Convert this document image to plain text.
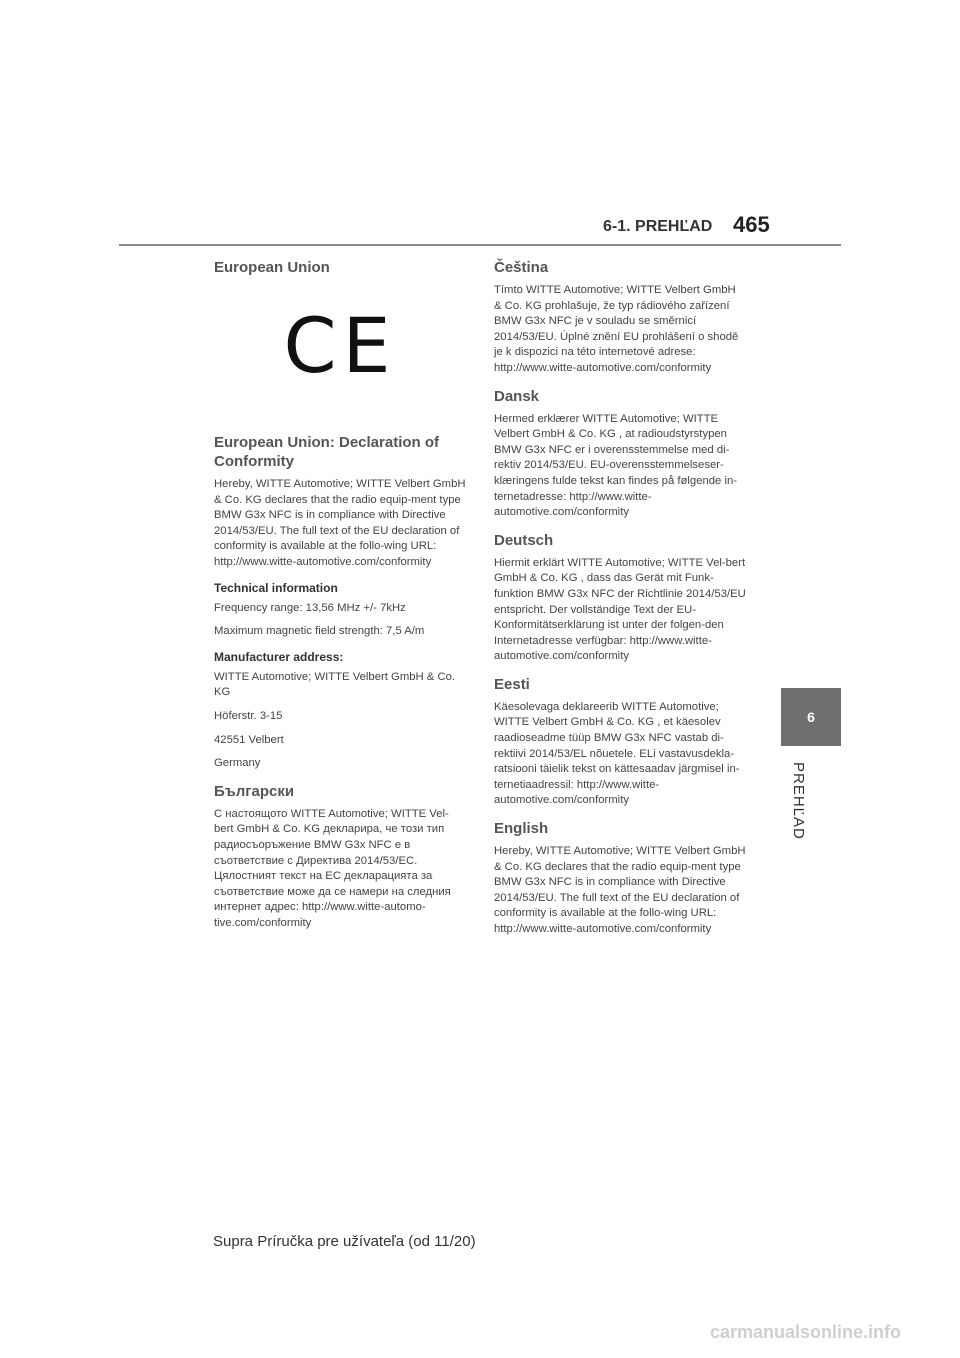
6-1. PREHĽAD 465
6
PREHĽAD
European Union
CE
European Union: Declaration of Conformity

Hereby, WITTE Automotive; WITTE Velbert GmbH & Co. KG declares that the radio equip-ment type BMW G3x NFC is in compliance with Directive 2014/53/EU. The full text of the EU declaration of conformity is available at the follo-wing URL: http://www.witte-automotive.com/conformity

Technical information

Frequency range: 13,56 MHz +/- 7kHz

Maximum magnetic field strength: 7,5 A/m

Manufacturer address:

WITTE Automotive; WITTE Velbert GmbH & Co. KG

Höferstr. 3-15

42551 Velbert

Germany

Български

С настоящото WITTE Automotive; WITTE Vel-bert GmbH & Co. KG декларира, че този тип радиосъоръжение BMW G3x NFC е в съответствие с Директива 2014/53/ЕС. Цялостният текст на ЕС декларацията за съответствие може да се намери на следния интернет адрес: http://www.witte-automo-tive.com/conformity

Čeština

Tímto WITTE Automotive; WITTE Velbert GmbH & Co. KG prohlašuje, že typ rádiového zařízení BMW G3x NFC je v souladu se směrnicí 2014/53/EU. Úplné znění EU prohlášení o shodě je k dispozici na této internetové adrese: http://www.witte-automotive.com/conformity

Dansk

Hermed erklærer WITTE Automotive; WITTE Velbert GmbH & Co. KG , at radioudstyrstypen BMW G3x NFC er i overensstemmelse med di-rektiv 2014/53/EU. EU-overensstemmelseser-klæringens fulde tekst kan findes på følgende in-ternetadresse: http://www.witte-automotive.com/conformity

Deutsch

Hiermit erklärt WITTE Automotive; WITTE Vel-bert GmbH & Co. KG , dass das Gerät mit Funk-funktion BMW G3x NFC der Richtlinie 2014/53/EU entspricht. Der vollständige Text der EU-Konformitätserklärung ist unter der folgen-den Internetadresse verfügbar: http://www.witte-automotive.com/conformity

Eesti

Käesolevaga deklareerib WITTE Automotive; WITTE Velbert GmbH & Co. KG , et käesolev raadioseadme tüüp BMW G3x NFC vastab di-rektiivi 2014/53/EL nõuetele. ELi vastavusdekla-ratsiooni täielik tekst on kättesaadav järgmisel in-ternetiaadressil: http://www.witte-automotive.com/conformity

English

Hereby, WITTE Automotive; WITTE Velbert GmbH & Co. KG declares that the radio equip-ment type BMW G3x NFC is in compliance with Directive 2014/53/EU. The full text of the EU declaration of conformity is available at the follo-wing URL: http://www.witte-automotive.com/conformity

Supra Príručka pre užívateľa (od 11/20)
carmanualsonline.info
